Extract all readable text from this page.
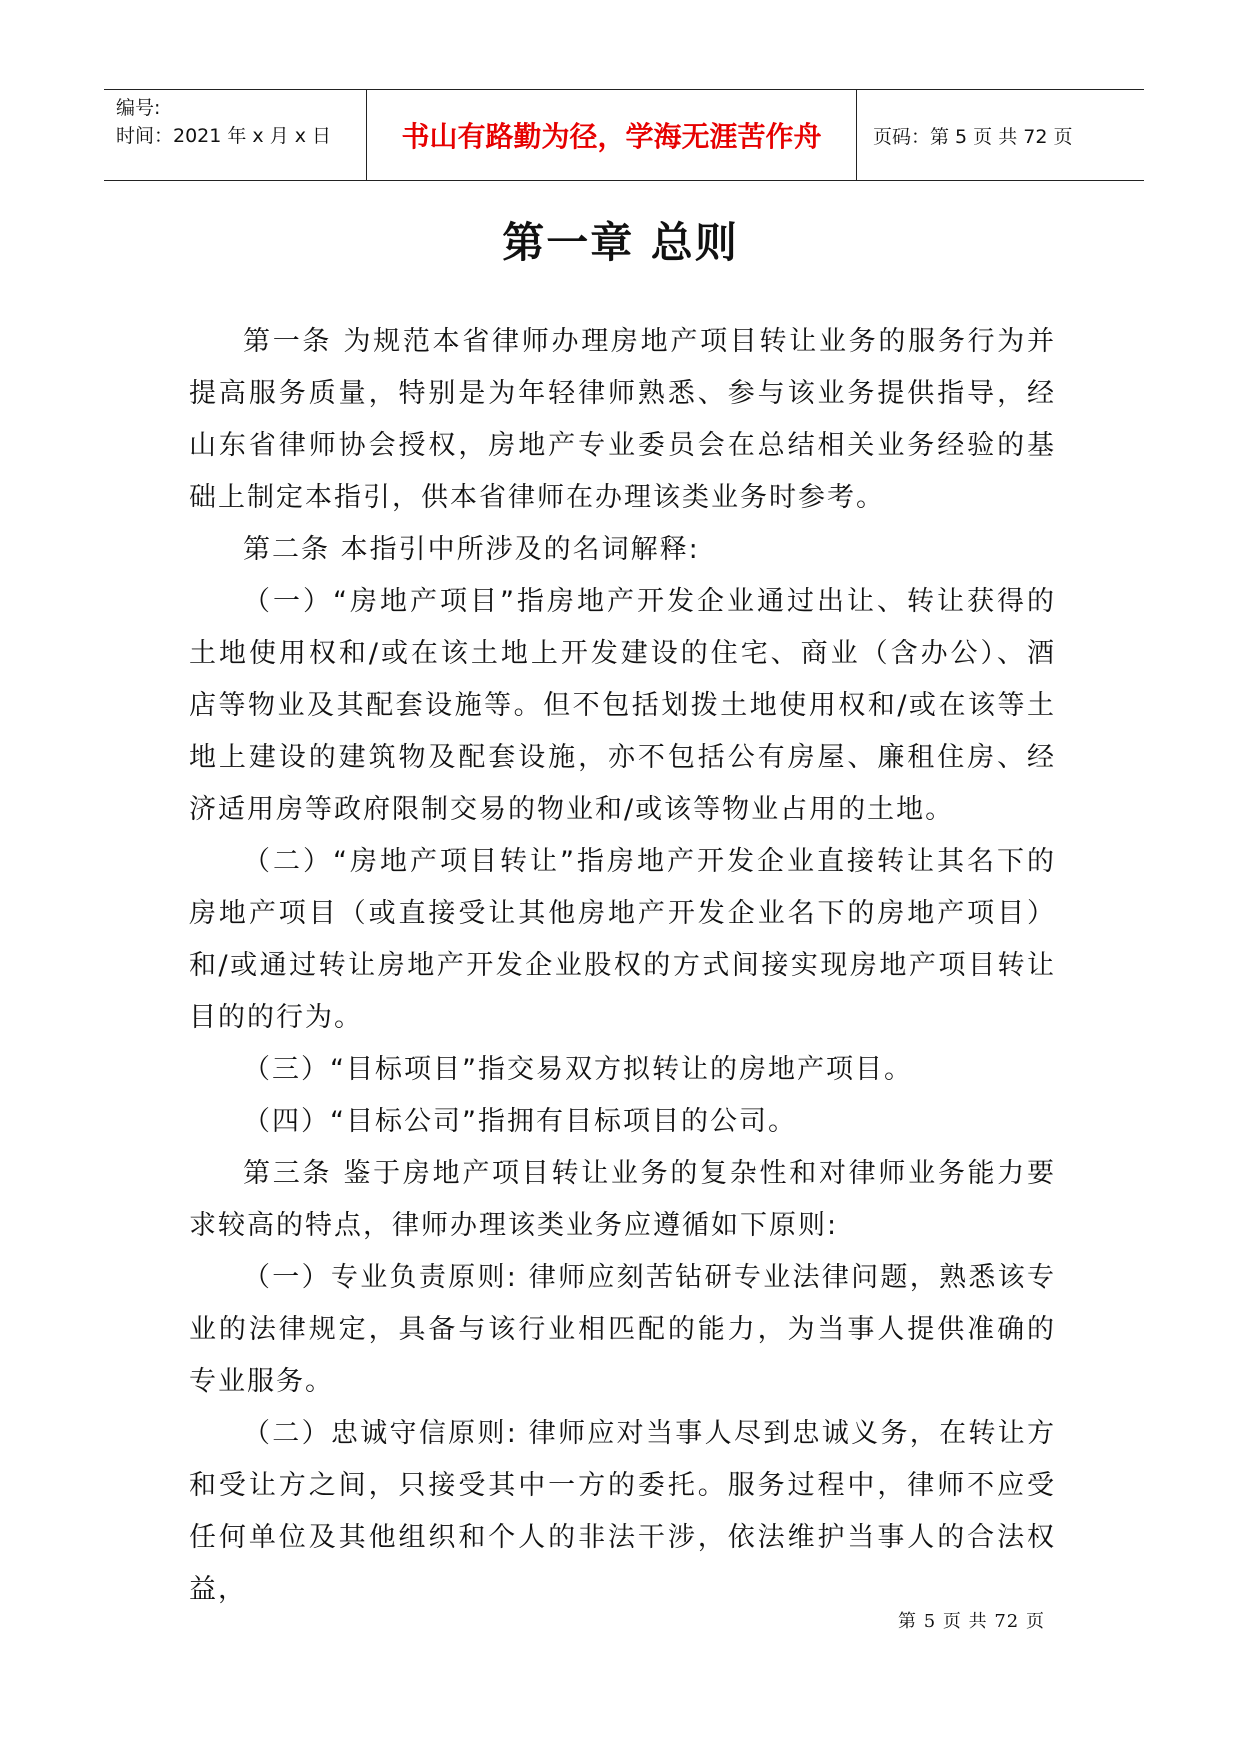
编号:
时间：2021 年 x 月 x 日	书山有路勤为径，学海无涯苦作舟	页码：第 5 页 共 72 页
第一章 总则

第一条 为规范本省律师办理房地产项目转让业务的服务行为并提高服务质量，特别是为年轻律师熟悉、参与该业务提供指导，经山东省律师协会授权，房地产专业委员会在总结相关业务经验的基础上制定本指引，供本省律师在办理该类业务时参考。

第二条 本指引中所涉及的名词解释:

（一）“房地产项目”指房地产开发企业通过出让、转让获得的土地使用权和/或在该土地上开发建设的住宅、商业（含办公）、酒店等物业及其配套设施等。但不包括划拨土地使用权和/或在该等土地上建设的建筑物及配套设施，亦不包括公有房屋、廉租住房、经济适用房等政府限制交易的物业和/或该等物业占用的土地。

（二）“房地产项目转让”指房地产开发企业直接转让其名下的房地产项目（或直接受让其他房地产开发企业名下的房地产项目）和/或通过转让房地产开发企业股权的方式间接实现房地产项目转让目的的行为。

（三）“目标项目”指交易双方拟转让的房地产项目。

（四）“目标公司”指拥有目标项目的公司。

第三条 鉴于房地产项目转让业务的复杂性和对律师业务能力要求较高的特点，律师办理该类业务应遵循如下原则:

（一）专业负责原则: 律师应刻苦钻研专业法律问题，熟悉该专业的法律规定，具备与该行业相匹配的能力，为当事人提供准确的专业服务。

（二）忠诚守信原则: 律师应对当事人尽到忠诚义务，在转让方和受让方之间，只接受其中一方的委托。服务过程中，律师不应受任何单位及其他组织和个人的非法干涉，依法维护当事人的合法权益，

第 5 页 共 72 页
